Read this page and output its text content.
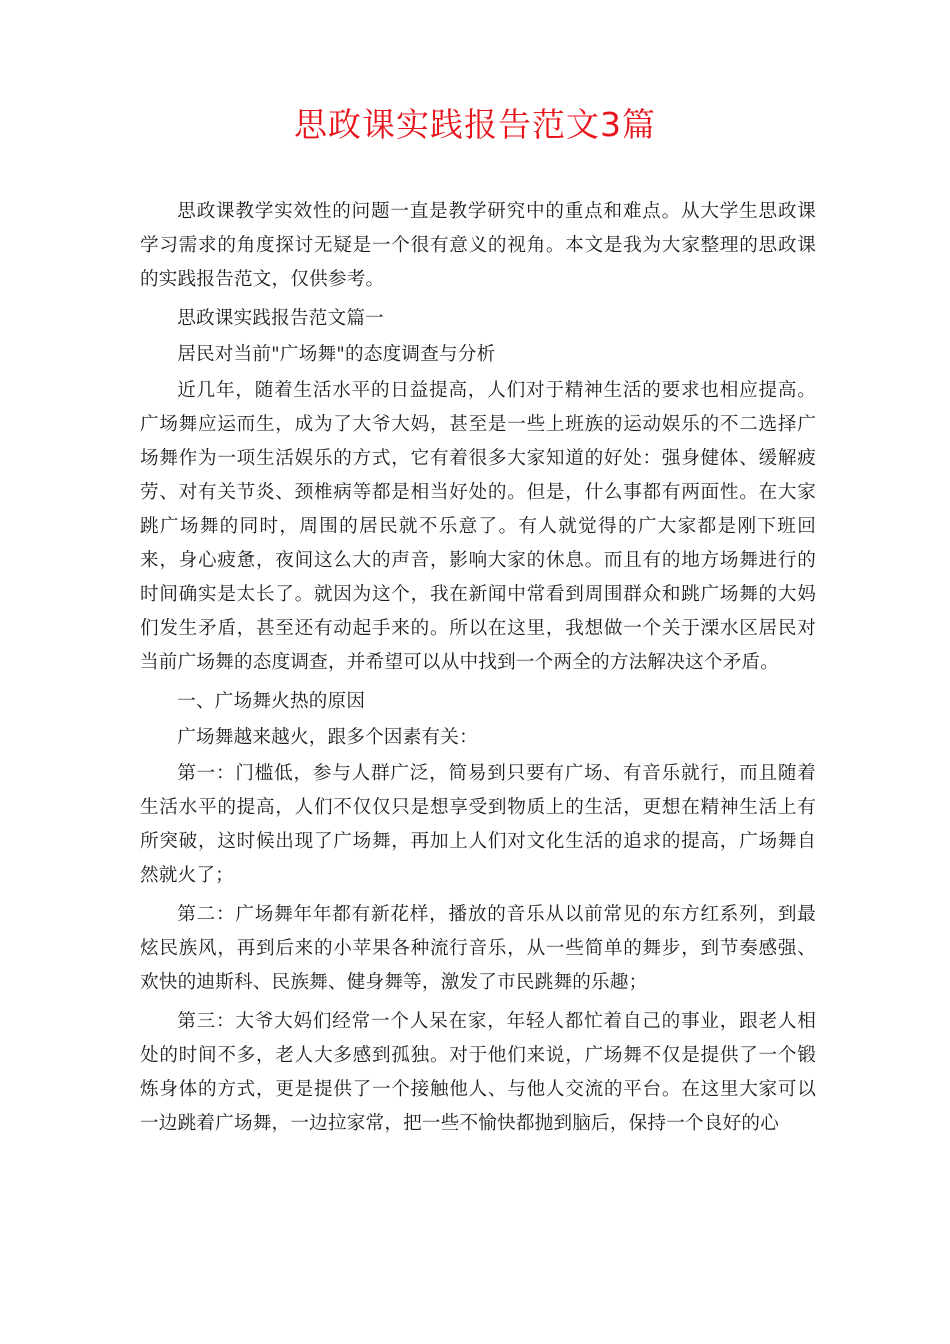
思政课实践报告范文3篇

思政课教学实效性的问题一直是教学研究中的重点和难点。从大学生思政课学习需求的角度探讨无疑是一个很有意义的视角。本文是我为大家整理的思政课的实践报告范文，仅供参考。

思政课实践报告范文篇一

居民对当前"广场舞"的态度调查与分析

近几年，随着生活水平的日益提高，人们对于精神生活的要求也相应提高。广场舞应运而生，成为了大爷大妈，甚至是一些上班族的运动娱乐的不二选择广场舞作为一项生活娱乐的方式，它有着很多大家知道的好处：强身健体、缓解疲劳、对有关节炎、颈椎病等都是相当好处的。但是，什么事都有两面性。在大家跳广场舞的同时，周围的居民就不乐意了。有人就觉得的广大家都是刚下班回来，身心疲惫，夜间这么大的声音，影响大家的休息。而且有的地方场舞进行的时间确实是太长了。就因为这个，我在新闻中常看到周围群众和跳广场舞的大妈们发生矛盾，甚至还有动起手来的。所以在这里，我想做一个关于溧水区居民对当前广场舞的态度调查，并希望可以从中找到一个两全的方法解决这个矛盾。

一、广场舞火热的原因

广场舞越来越火，跟多个因素有关：

第一：门槛低，参与人群广泛，简易到只要有广场、有音乐就行，而且随着生活水平的提高，人们不仅仅只是想享受到物质上的生活，更想在精神生活上有所突破，这时候出现了广场舞，再加上人们对文化生活的追求的提高，广场舞自然就火了；

第二：广场舞年年都有新花样，播放的音乐从以前常见的东方红系列，到最炫民族风，再到后来的小苹果各种流行音乐，从一些简单的舞步，到节奏感强、欢快的迪斯科、民族舞、健身舞等，激发了市民跳舞的乐趣；

第三：大爷大妈们经常一个人呆在家，年轻人都忙着自己的事业，跟老人相处的时间不多，老人大多感到孤独。对于他们来说，广场舞不仅是提供了一个锻炼身体的方式，更是提供了一个接触他人、与他人交流的平台。在这里大家可以一边跳着广场舞，一边拉家常，把一些不愉快都抛到脑后，保持一个良好的心
